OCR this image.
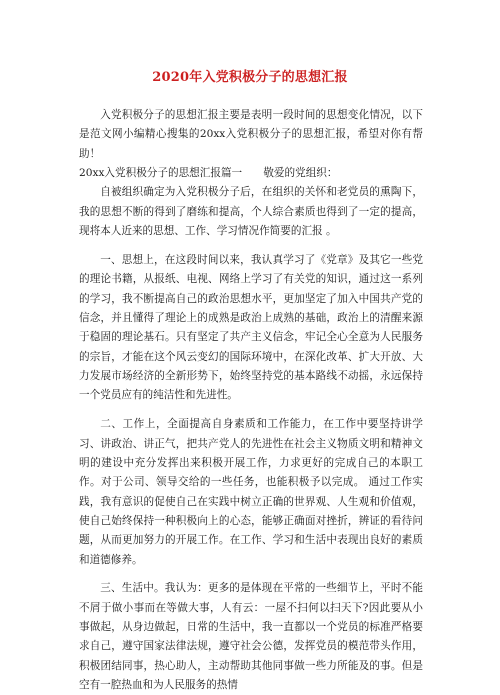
2020年入党积极分子的思想汇报

入党积极分子的思想汇报主要是表明一段时间的思想变化情况，以下是范文网小编精心搜集的20xx入党积极分子的思想汇报，希望对你有帮助！

20xx入党积极分子的思想汇报篇一　　敬爱的党组织：

自被组织确定为入党积极分子后，在组织的关怀和老党员的熏陶下，我的思想不断的得到了磨练和提高，个人综合素质也得到了一定的提高，现将本人近来的思想、工作、学习情况作简要的汇报 。

一、思想上，在这段时间以来，我认真学习了《党章》及其它一些党的理论书籍，从报纸、电视、网络上学习了有关党的知识，通过这一系列的学习，我不断提高自己的政治思想水平，更加坚定了加入中国共产党的信念，并且懂得了理论上的成熟是政治上成熟的基础，政治上的清醒来源于稳固的理论基石。只有坚定了共产主义信念，牢记全心全意为人民服务的宗旨，才能在这个风云变幻的国际环境中，在深化改革、扩大开放、大力发展市场经济的全新形势下，始终坚持党的基本路线不动摇，永远保持一个党员应有的纯洁性和先进性。

二、工作上，全面提高自身素质和工作能力，在工作中要坚持讲学习、讲政治、讲正气，把共产党人的先进性在社会主义物质文明和精神文明的建设中充分发挥出来积极开展工作，力求更好的完成自己的本职工作。对于公司、领导交给的一些任务，也能积极予以完成。 通过工作实践，我有意识的促使自己在实践中树立正确的世界观、人生观和价值观，使自己始终保持一种积极向上的心态，能够正确面对挫折，辨证的看待问题，从而更加努力的开展工作。在工作、学习和生活中表现出良好的素质和道德修养。

三、生活中。我认为：更多的是体现在平常的一些细节上，平时不能不屑于做小事而在等做大事，人有云：一屋不扫何以扫天下?因此要从小事做起，从身边做起，日常的生活中，我一直都以一个党员的标准严格要求自己，遵守国家法律法规，遵守社会公德，发挥党员的模范带头作用，积极团结同事，热心助人，主动帮助其他同事做一些力所能及的事。但是空有一腔热血和为人民服务的热情
